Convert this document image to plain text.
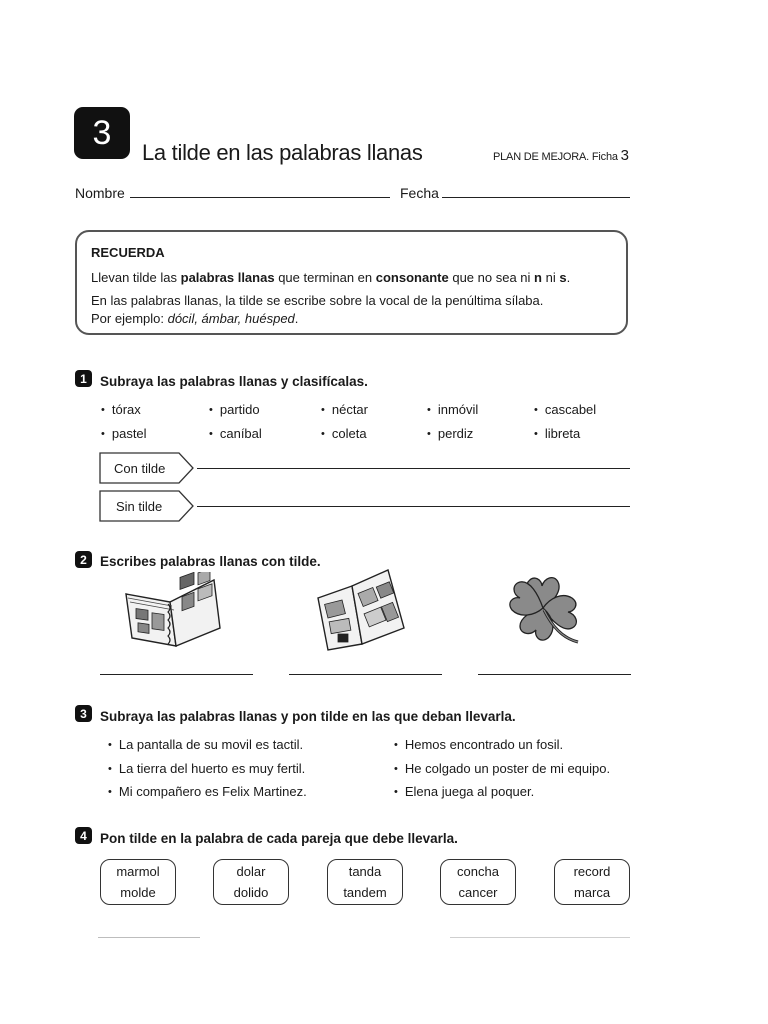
3
La tilde en las palabras llanas	PLAN DE MEJORA. Ficha 3
Nombre	Fecha
RECUERDA
Llevan tilde las palabras llanas que terminan en consonante que no sea ni n ni s.
En las palabras llanas, la tilde se escribe sobre la vocal de la penúltima sílaba.
Por ejemplo: dócil, ámbar, huésped.
1 Subraya las palabras llanas y clasifícalas.
• tórax	• partido	• néctar	• inmóvil	• cascabel
• pastel	• caníbal	• coleta	• perdiz	• libreta
Con tilde
Sin tilde
2 Escribes palabras llanas con tilde.
3 Subraya las palabras llanas y pon tilde en las que deban llevarla.
• La pantalla de su movil es tactil.	• Hemos encontrado un fosil.
• La tierra del huerto es muy fertil.	• He colgado un poster de mi equipo.
• Mi compañero es Felix Martinez.	• Elena juega al poquer.
4 Pon tilde en la palabra de cada pareja que debe llevarla.
marmol
molde
dolar
dolido
tanda
tandem
concha
cancer
record
marca
